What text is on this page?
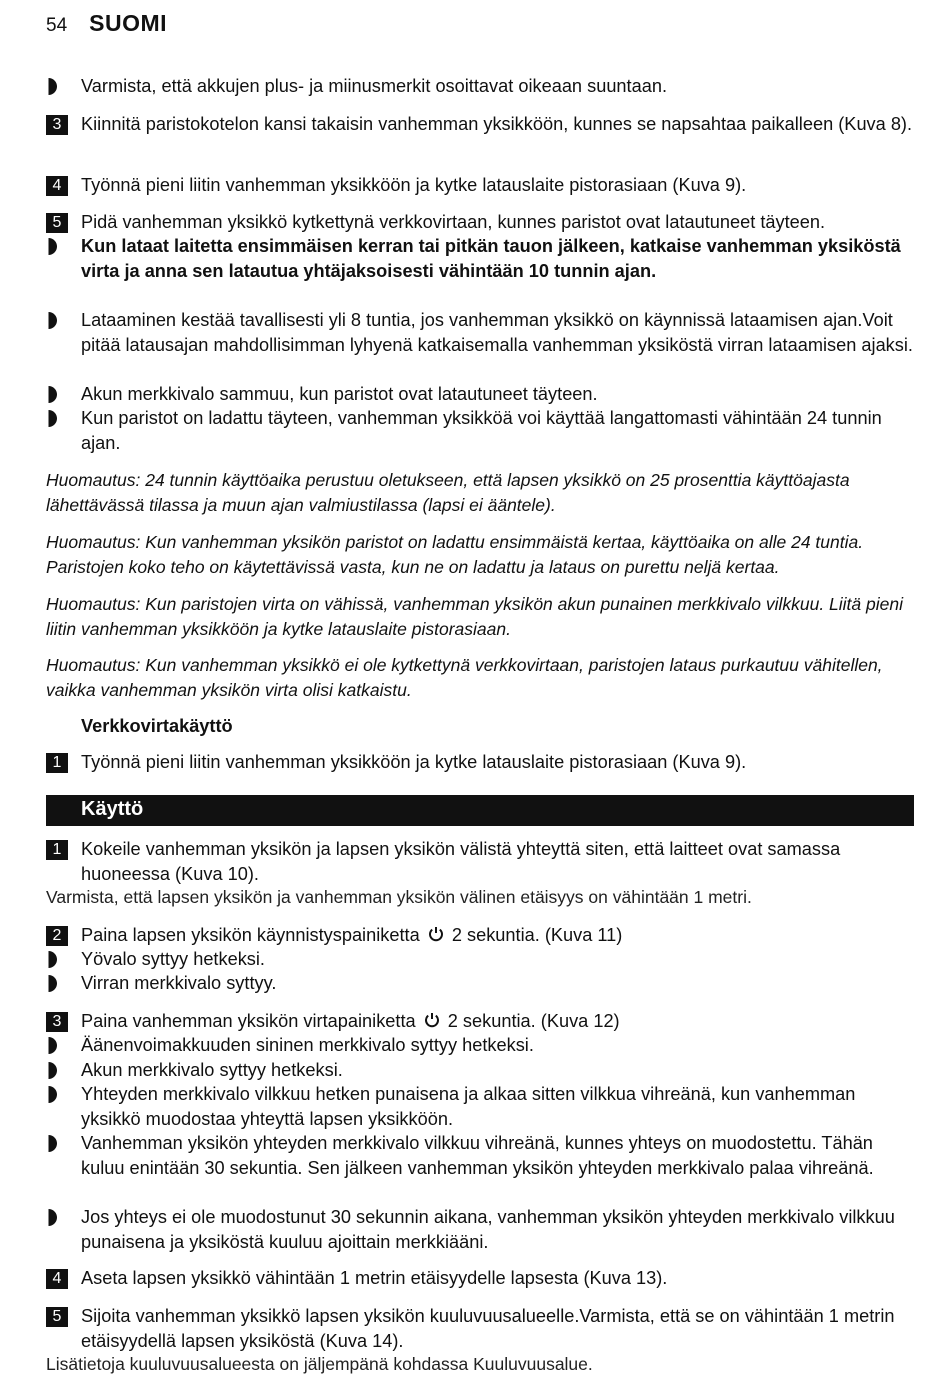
54 SUOMI
Varmista, että akkujen plus- ja miinusmerkit osoittavat oikeaan suuntaan.
3	Kiinnitä paristokotelon kansi takaisin vanhemman yksikköön, kunnes se napsahtaa paikalleen (Kuva 8).
4	Työnnä pieni liitin vanhemman yksikköön ja kytke latauslaite pistorasiaan (Kuva 9).
5	Pidä vanhemman yksikkö kytkettynä verkkovirtaan, kunnes paristot ovat latautuneet täyteen.
Kun lataat laitetta ensimmäisen kerran tai pitkän tauon jälkeen, katkaise vanhemman yksiköstä virta ja anna sen latautua yhtäjaksoisesti vähintään 10 tunnin ajan.
Lataaminen kestää tavallisesti yli 8 tuntia, jos vanhemman yksikkö on käynnissä lataamisen ajan.Voit pitää latausajan mahdollisimman lyhyenä katkaisemalla vanhemman yksiköstä virran lataamisen ajaksi.
Akun merkkivalo sammuu, kun paristot ovat latautuneet täyteen.
Kun paristot on ladattu täyteen, vanhemman yksikköä voi käyttää langattomasti vähintään 24 tunnin ajan.
Huomautus: 24 tunnin käyttöaika perustuu oletukseen, että lapsen yksikkö on 25 prosenttia käyttöajasta lähettävässä tilassa ja muun ajan valmiustilassa (lapsi ei ääntele).
Huomautus: Kun vanhemman yksikön paristot on ladattu ensimmäistä kertaa, käyttöaika on alle 24 tuntia. Paristojen koko teho on käytettävissä vasta, kun ne on ladattu ja lataus on purettu neljä kertaa.
Huomautus: Kun paristojen virta on vähissä, vanhemman yksikön akun punainen merkkivalo vilkkuu. Liitä pieni liitin vanhemman yksikköön ja kytke latauslaite pistorasiaan.
Huomautus: Kun vanhemman yksikkö ei ole kytkettynä verkkovirtaan, paristojen lataus purkautuu vähitellen, vaikka vanhemman yksikön virta olisi katkaistu.
Verkkovirtakäyttö
1	Työnnä pieni liitin vanhemman yksikköön ja kytke latauslaite pistorasiaan (Kuva 9).
Käyttö
1	Kokeile vanhemman yksikön ja lapsen yksikön välistä yhteyttä siten, että laitteet ovat samassa huoneessa (Kuva 10).
Varmista, että lapsen yksikön ja vanhemman yksikön välinen etäisyys on vähintään 1 metri.
2	Paina lapsen yksikön käynnistyspainiketta 2 sekuntia. (Kuva 11)
Yövalo syttyy hetkeksi.
Virran merkkivalo syttyy.
3	Paina vanhemman yksikön virtapainiketta 2 sekuntia. (Kuva 12)
Äänenvoimakkuuden sininen merkkivalo syttyy hetkeksi.
Akun merkkivalo syttyy hetkeksi.
Yhteyden merkkivalo vilkkuu hetken punaisena ja alkaa sitten vilkkua vihreänä, kun vanhemman yksikkö muodostaa yhteyttä lapsen yksikköön.
Vanhemman yksikön yhteyden merkkivalo vilkkuu vihreänä, kunnes yhteys on muodostettu. Tähän kuluu enintään 30 sekuntia. Sen jälkeen vanhemman yksikön yhteyden merkkivalo palaa vihreänä.
Jos yhteys ei ole muodostunut 30 sekunnin aikana, vanhemman yksikön yhteyden merkkivalo vilkkuu punaisena ja yksiköstä kuuluu ajoittain merkkiääni.
4	Aseta lapsen yksikkö vähintään 1 metrin etäisyydelle lapsesta (Kuva 13).
5	Sijoita vanhemman yksikkö lapsen yksikön kuuluvuusalueelle.Varmista, että se on vähintään 1 metrin etäisyydellä lapsen yksiköstä (Kuva 14).
Lisätietoja kuuluvuusalueesta on jäljempänä kohdassa Kuuluvuusalue.
